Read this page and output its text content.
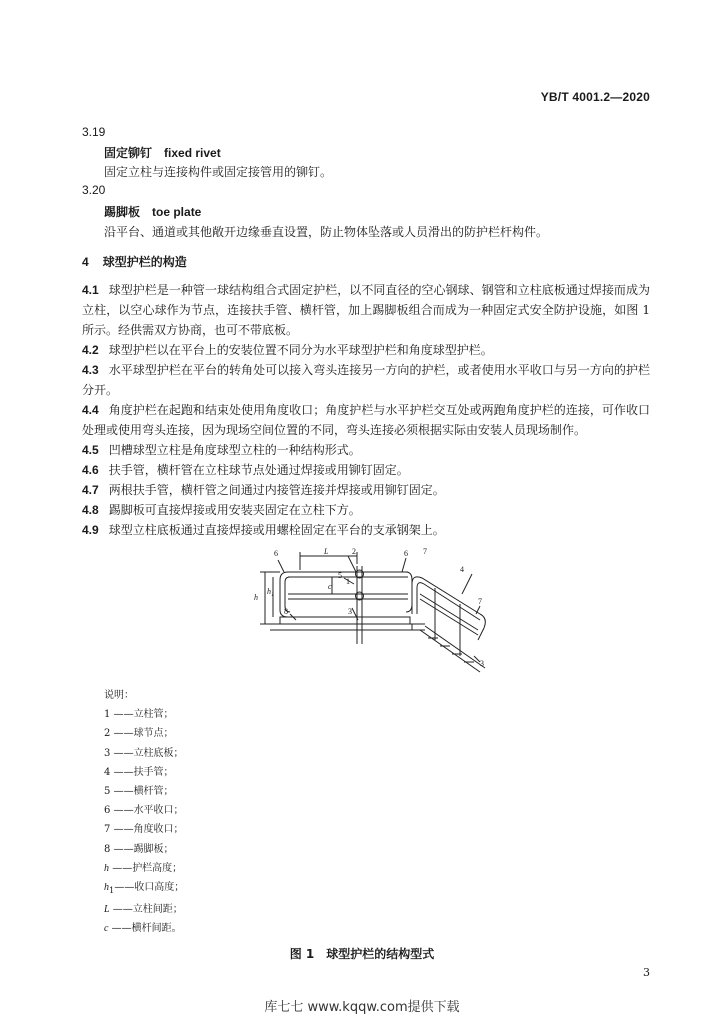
YB/T 4001.2—2020
3.19
固定铆钉 fixed rivet
固定立柱与连接构件或固定接管用的铆钉。
3.20
踢脚板 toe plate
沿平台、通道或其他敞开边缘垂直设置，防止物体坠落或人员滑出的防护栏杆构件。
4 球型护栏的构造
4.1 球型护栏是一种管一球结构组合式固定护栏，以不同直径的空心钢球、钢管和立柱底板通过焊接而成为立柱，以空心球作为节点，连接扶手管、横杆管，加上踢脚板组合而成为一种固定式安全防护设施，如图 1 所示。经供需双方协商，也可不带底板。
4.2 球型护栏以在平台上的安装位置不同分为水平球型护栏和角度球型护栏。
4.3 水平球型护栏在平台的转角处可以接入弯头连接另一方向的护栏，或者使用水平收口与另一方向的护栏分开。
4.4 角度护栏在起跑和结束处使用角度收口；角度护栏与水平护栏交互处或两跑角度护栏的连接，可作收口处理或使用弯头连接，因为现场空间位置的不同，弯头连接必须根据实际由安装人员现场制作。
4.5 凹槽球型立柱是角度球型立柱的一种结构形式。
4.6 扶手管，横杆管在立柱球节点处通过焊接或用铆钉固定。
4.7 两根扶手管，横杆管之间通过内接管连接并焊接或用铆钉固定。
4.8 踢脚板可直接焊接或用安装夹固定在立柱下方。
4.9 球型立柱底板通过直接焊接或用螺栓固定在平台的支承钢架上。
6	L	2	6 7
4
7
3
5
1
3
8
c
h
$h_1$
说明：
1 ——立柱管；
2 ——球节点；
3 ——立柱底板；
4 ——扶手管；
5 ——横杆管；
6 ——水平收口；
7 ——角度收口；
8 ——踢脚板；
h ——护栏高度；
$h_1——$收口高度；
L ——立柱间距；
c ——横杆间距。
图 1　球型护栏的结构型式
3
库七七 www.kqqw.com提供下载
